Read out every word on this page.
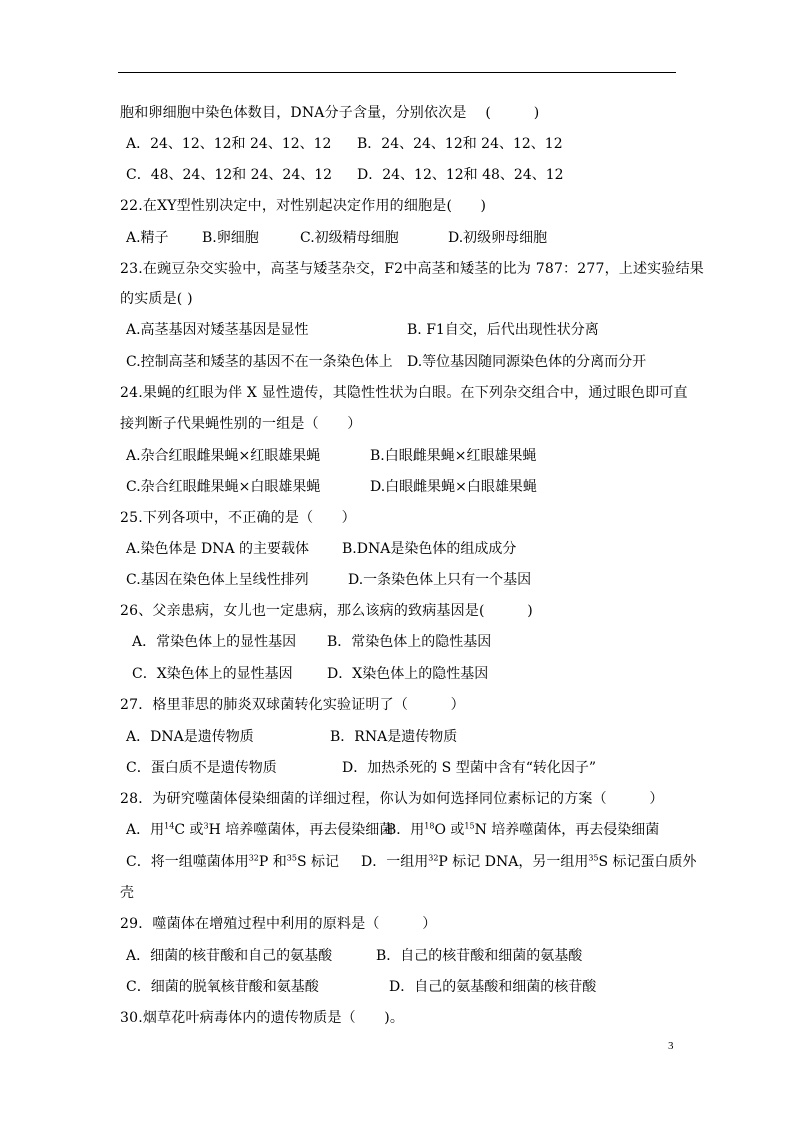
胞和卵细胞中染色体数目，DNA分子含量，分别依次是 　(　　　)
A．24、12、12和 24、12、12 B．24、24、12和 24、12、12
C．48、24、12和 24、24、12 D．24、12、12和 48、24、12
22.在XY型性别决定中，对性别起决定作用的细胞是(　　)
A.精子 B.卵细胞	C.初级精母细胞	D.初级卵母细胞
23.在豌豆杂交实验中，高茎与矮茎杂交，F2中高茎和矮茎的比为 787：277，上述实验结果
的实质是( )
A.高茎基因对矮茎基因是显性	B. F1自交，后代出现性状分离
C.控制高茎和矮茎的基因不在一条染色体上 D.等位基因随同源染色体的分离而分开
24.果蝇的红眼为伴 X 显性遗传，其隐性性状为白眼。在下列杂交组合中，通过眼色即可直
接判断子代果蝇性别的一组是（　　）
A.杂合红眼雌果蝇×红眼雄果蝇	B.白眼雌果蝇×红眼雄果蝇
C.杂合红眼雌果蝇×白眼雄果蝇	D.白眼雌果蝇×白眼雄果蝇
25.下列各项中，不正确的是（　　）
A.染色体是 DNA 的主要载体 B.DNA是染色体的组成成分
C.基因在染色体上呈线性排列	D.一条染色体上只有一个基因
26、父亲患病，女儿也一定患病，那么该病的致病基因是(　　　)
A．常染色体上的显性基因 B．常染色体上的隐性基因
C．X染色体上的显性基因 D．X染色体上的隐性基因
27．格里菲思的肺炎双球菌转化实验证明了（　　　）
A．DNA是遗传物质	B．RNA是遗传物质
C．蛋白质不是遗传物质	D．加热杀死的 S 型菌中含有“转化因子”
28．为研究噬菌体侵染细菌的详细过程，你认为如何选择同位素标记的方案（　　　）
A．用$^{14}$C 或$^3$H 培养噬菌体，再去侵染细菌
B．用$^{18}$O 或$^{15}$N 培养噬菌体，再去侵染细菌
C．将一组噬菌体用$^{32}$P 和$^{35}$S 标记 D．一组用$^{32}$P 标记 DNA，另一组用$^{35}$S 标记蛋白质外
壳
29．噬菌体在增殖过程中利用的原料是（　　　）
A．细菌的核苷酸和自己的氨基酸	B．自己的核苷酸和细菌的氨基酸
C．细菌的脱氧核苷酸和氨基酸	D．自己的氨基酸和细菌的核苷酸
30.烟草花叶病毒体内的遗传物质是（　　)。
3
